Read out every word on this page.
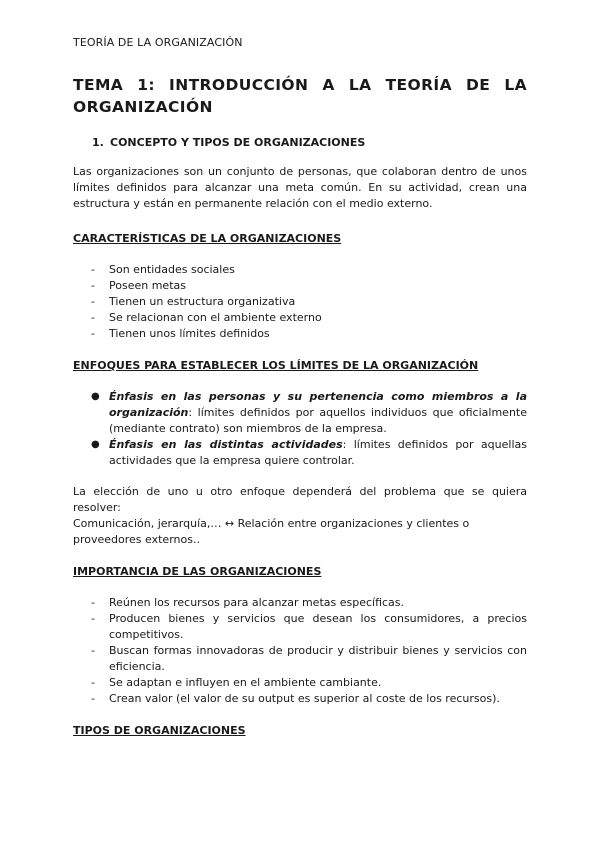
TEORÍA DE LA ORGANIZACIÓN
TEMA 1: INTRODUCCIÓN A LA TEORÍA DE LA ORGANIZACIÓN
1. CONCEPTO Y TIPOS DE ORGANIZACIONES
Las organizaciones son un conjunto de personas, que colaboran dentro de unos límites definidos para alcanzar una meta común. En su actividad, crean una estructura y están en permanente relación con el medio externo.
CARACTERÍSTICAS DE LA ORGANIZACIONES
- Son entidades sociales
- Poseen metas
- Tienen un estructura organizativa
- Se relacionan con el ambiente externo
- Tienen unos límites definidos
ENFOQUES PARA ESTABLECER LOS LÍMITES DE LA ORGANIZACIÓN
● Énfasis en las personas y su pertenencia como miembros a la organización: límites definidos por aquellos individuos que oficialmente (mediante contrato) son miembros de la empresa.
● Énfasis en las distintas actividades: límites definidos por aquellas actividades que la empresa quiere controlar.
La elección de uno u otro enfoque dependerá del problema que se quiera resolver:
Comunicación, jerarquía,… ↔ Relación entre organizaciones y clientes o proveedores externos..
IMPORTANCIA DE LAS ORGANIZACIONES
- Reúnen los recursos para alcanzar metas específicas.
- Producen bienes y servicios que desean los consumidores, a precios competitivos.
- Buscan formas innovadoras de producir y distribuir bienes y servicios con eficiencia.
- Se adaptan e influyen en el ambiente cambiante.
- Crean valor (el valor de su output es superior al coste de los recursos).
TIPOS DE ORGANIZACIONES
